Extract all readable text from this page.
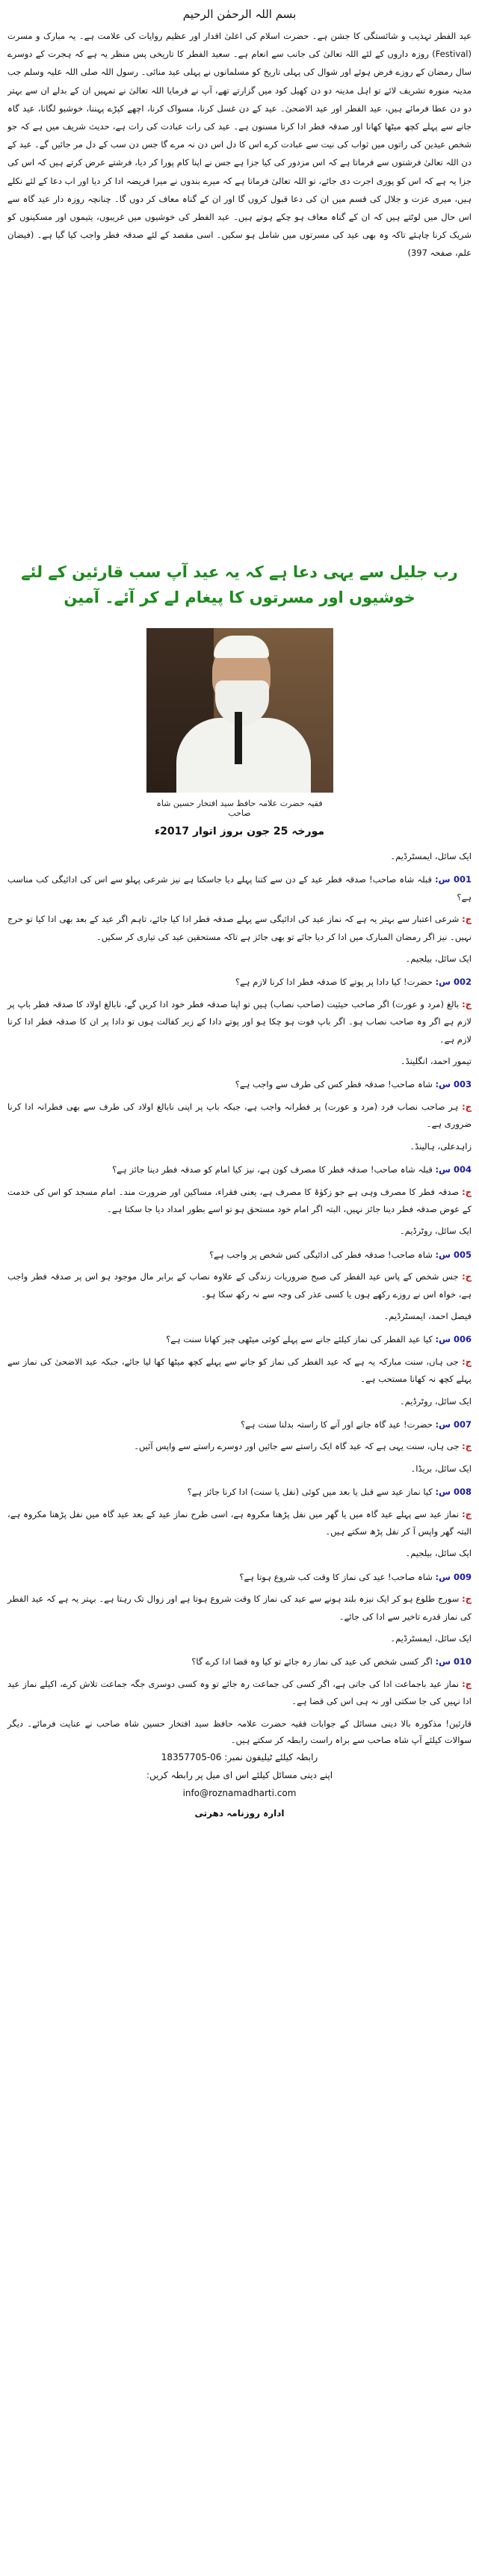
بسم اللہ الرحمٰن الرحیم
عید الفطر تہذیب و شائستگی کا جشن ہے۔ حضرت اسلام کی اعلیٰ اقدار اور عظیم روایات کی علامت ہے۔ یہ مبارک و مسرت (Festival) روزہ داروں کے لئے اللہ تعالیٰ کی جانب سے انعام ہے۔ سعید الفطر کا تاریخی پس منظر یہ ہے کہ ہجرت کے دوسرے سال رمضان کے روزے فرض ہوئے اور شوال کی پہلی تاریخ کو مسلمانوں نے پہلی عید منائی۔ رسول اللہ صلی اللہ علیہ وسلم جب مدینہ منورہ تشریف لائے تو اہل مدینہ دو دن کھیل کود میں گزارتے تھے، آپ نے فرمایا اللہ تعالیٰ نے تمہیں ان کے بدلے ان سے بہتر دو دن عطا فرمائے ہیں، عید الفطر اور عید الاضحیٰ۔ عید کے دن غسل کرنا، مسواک کرنا، اچھے کپڑے پہننا، خوشبو لگانا، عید گاہ جانے سے پہلے کچھ میٹھا کھانا اور صدقہ فطر ادا کرنا مسنون ہے۔ عید کی رات عبادت کی رات ہے، حدیث شریف میں ہے کہ جو شخص عیدین کی راتوں میں ثواب کی نیت سے عبادت کرے اس کا دل اس دن نہ مرے گا جس دن سب کے دل مر جائیں گے۔ عید کے دن اللہ تعالیٰ فرشتوں سے فرماتا ہے کہ اس مزدور کی کیا جزا ہے جس نے اپنا کام پورا کر دیا، فرشتے عرض کرتے ہیں کہ اس کی جزا یہ ہے کہ اس کو پوری اجرت دی جائے، تو اللہ تعالیٰ فرماتا ہے کہ میرے بندوں نے میرا فریضہ ادا کر دیا اور اب دعا کے لئے نکلے ہیں، میری عزت و جلال کی قسم میں ان کی دعا قبول کروں گا اور ان کے گناہ معاف کر دوں گا۔ چنانچہ روزہ دار عید گاہ سے اس حال میں لوٹتے ہیں کہ ان کے گناہ معاف ہو چکے ہوتے ہیں۔ عید الفطر کی خوشیوں میں غریبوں، یتیموں اور مسکینوں کو شریک کرنا چاہئے تاکہ وہ بھی عید کی مسرتوں میں شامل ہو سکیں۔ اسی مقصد کے لئے صدقہ فطر واجب کیا گیا ہے۔ (فیضان علم، صفحہ 397)
رب جلیل سے یہی دعا ہے کہ یہ عید آپ سب قارئین کے لئے خوشیوں اور مسرتوں کا پیغام لے کر آئے۔ آمین
فقیہ حضرت علامہ حافظ سید افتخار حسین شاہ صاحب
مورخہ 25 جون بروز اتوار 2017ء
ایک سائل، ایمسٹرڈیم۔

001 س: قبلہ شاہ صاحب! صدقہ فطر عید کے دن سے کتنا پہلے دیا جاسکتا ہے نیز شرعی پہلو سے اس کی ادائیگی کب مناسب ہے؟

ج: شرعی اعتبار سے بہتر یہ ہے کہ نماز عید کی ادائیگی سے پہلے صدقہ فطر ادا کیا جائے، تاہم اگر عید کے بعد بھی ادا کیا تو حرج نہیں۔ نیز اگر رمضان المبارک میں ادا کر دیا جائے تو بھی جائز ہے تاکہ مستحقین عید کی تیاری کر سکیں۔

ایک سائل، بیلجیم۔

002 س: حضرت! کیا دادا پر پوتے کا صدقہ فطر ادا کرنا لازم ہے؟

ج: بالغ (مرد و عورت) اگر صاحب حیثیت (صاحب نصاب) ہیں تو اپنا صدقہ فطر خود ادا کریں گے، نابالغ اولاد کا صدقہ فطر باپ پر لازم ہے اگر وہ صاحب نصاب ہو۔ اگر باپ فوت ہو چکا ہو اور پوتے دادا کے زیر کفالت ہوں تو دادا پر ان کا صدقہ فطر ادا کرنا لازم ہے۔

تیمور احمد، انگلینڈ۔

003 س: شاہ صاحب! صدقہ فطر کس کی طرف سے واجب ہے؟

ج: ہر صاحب نصاب فرد (مرد و عورت) پر فطرانہ واجب ہے، جبکہ باپ پر اپنی نابالغ اولاد کی طرف سے بھی فطرانہ ادا کرنا ضروری ہے۔

زاہدعلی، ہالینڈ۔

004 س: قبلہ شاہ صاحب! صدقہ فطر کا مصرف کون ہے، نیز کیا امام کو صدقہ فطر دینا جائز ہے؟

ج: صدقہ فطر کا مصرف وہی ہے جو زکوٰۃ کا مصرف ہے، یعنی فقراء، مساکین اور ضرورت مند۔ امام مسجد کو اس کی خدمت کے عوض صدقہ فطر دینا جائز نہیں، البتہ اگر امام خود مستحق ہو تو اسے بطور امداد دیا جا سکتا ہے۔

ایک سائل، روٹرڈیم۔

005 س: شاہ صاحب! صدقہ فطر کی ادائیگی کس شخص پر واجب ہے؟

ج: جس شخص کے پاس عید الفطر کی صبح ضروریات زندگی کے علاوہ نصاب کے برابر مال موجود ہو اس پر صدقہ فطر واجب ہے، خواہ اس نے روزے رکھے ہوں یا کسی عذر کی وجہ سے نہ رکھ سکا ہو۔

فیصل احمد، ایمسٹرڈیم۔

006 س: کیا عید الفطر کی نماز کیلئے جانے سے پہلے کوئی میٹھی چیز کھانا سنت ہے؟

ج: جی ہاں، سنت مبارکہ یہ ہے کہ عید الفطر کی نماز کو جانے سے پہلے کچھ میٹھا کھا لیا جائے، جبکہ عید الاضحیٰ کی نماز سے پہلے کچھ نہ کھانا مستحب ہے۔

ایک سائل، روٹرڈیم۔

007 س: حضرت! عید گاہ جانے اور آنے کا راستہ بدلنا سنت ہے؟

ج: جی ہاں، سنت یہی ہے کہ عید گاہ ایک راستے سے جائیں اور دوسرے راستے سے واپس آئیں۔

ایک سائل، بریڈا۔

008 س: کیا نماز عید سے قبل یا بعد میں کوئی (نفل یا سنت) ادا کرنا جائز ہے؟

ج: نماز عید سے پہلے عید گاہ میں یا گھر میں نفل پڑھنا مکروہ ہے، اسی طرح نماز عید کے بعد عید گاہ میں نفل پڑھنا مکروہ ہے، البتہ گھر واپس آ کر نفل پڑھ سکتے ہیں۔

ایک سائل، بیلجیم۔

009 س: شاہ صاحب! عید کی نماز کا وقت کب شروع ہوتا ہے؟

ج: سورج طلوع ہو کر ایک نیزہ بلند ہونے سے عید کی نماز کا وقت شروع ہوتا ہے اور زوال تک رہتا ہے۔ بہتر یہ ہے کہ عید الفطر کی نماز قدرے تاخیر سے ادا کی جائے۔

ایک سائل، ایمسٹرڈیم۔

010 س: اگر کسی شخص کی عید کی نماز رہ جائے تو کیا وہ قضا ادا کرے گا؟

ج: نماز عید باجماعت ادا کی جاتی ہے، اگر کسی کی جماعت رہ جائے تو وہ کسی دوسری جگہ جماعت تلاش کرے، اکیلے نماز عید ادا نہیں کی جا سکتی اور نہ ہی اس کی قضا ہے۔

قارئین! مذکورہ بالا دینی مسائل کے جوابات فقیہ حضرت علامہ حافظ سید افتخار حسین شاہ صاحب نے عنایت فرمائے۔ دیگر سوالات کیلئے آپ شاہ صاحب سے براہ راست رابطہ کر سکتے ہیں۔
رابطہ کیلئے ٹیلیفون نمبر: 06-18357705
اپنے دینی مسائل کیلئے اس ای میل پر رابطہ کریں:
info@roznamadharti.com
ادارہ روزنامہ دھرتی
